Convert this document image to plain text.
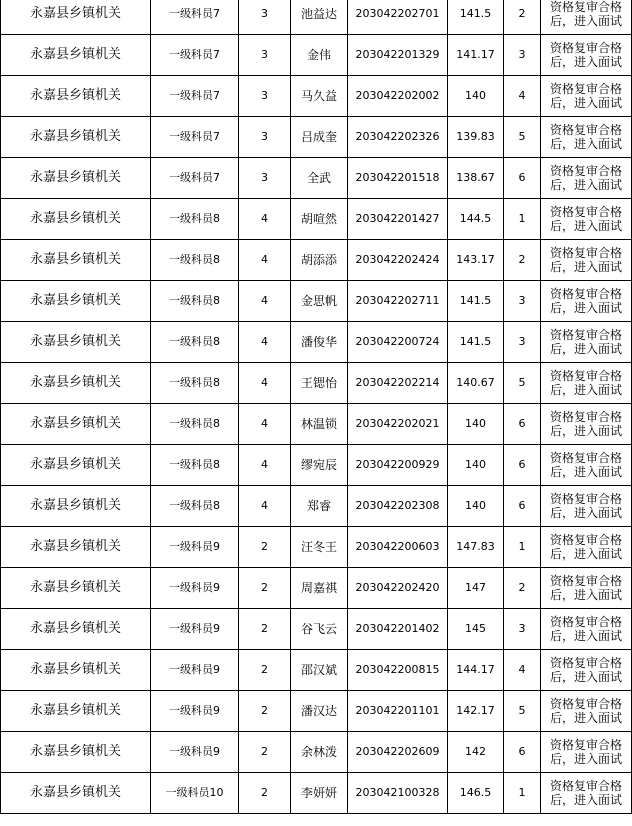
永嘉县乡镇机关	一级科员7	3	池益达	203042202701	141.5	2	资格复审合格后，进入面试
永嘉县乡镇机关	一级科员7	3	金伟	203042201329	141.17	3	资格复审合格后，进入面试
永嘉县乡镇机关	一级科员7	3	马久益	203042202002	140	4	资格复审合格后，进入面试
永嘉县乡镇机关	一级科员7	3	吕成奎	203042202326	139.83	5	资格复审合格后，进入面试
永嘉县乡镇机关	一级科员7	3	全武	203042201518	138.67	6	资格复审合格后，进入面试
永嘉县乡镇机关	一级科员8	4	胡喧然	203042201427	144.5	1	资格复审合格后，进入面试
永嘉县乡镇机关	一级科员8	4	胡添添	203042202424	143.17	2	资格复审合格后，进入面试
永嘉县乡镇机关	一级科员8	4	金思帆	203042202711	141.5	3	资格复审合格后，进入面试
永嘉县乡镇机关	一级科员8	4	潘俊华	203042200724	141.5	3	资格复审合格后，进入面试
永嘉县乡镇机关	一级科员8	4	王锶怡	203042202214	140.67	5	资格复审合格后，进入面试
永嘉县乡镇机关	一级科员8	4	林温锁	203042202021	140	6	资格复审合格后，进入面试
永嘉县乡镇机关	一级科员8	4	缪宛辰	203042200929	140	6	资格复审合格后，进入面试
永嘉县乡镇机关	一级科员8	4	郑睿	203042202308	140	6	资格复审合格后，进入面试
永嘉县乡镇机关	一级科员9	2	汪冬王	203042200603	147.83	1	资格复审合格后，进入面试
永嘉县乡镇机关	一级科员9	2	周嘉祺	203042202420	147	2	资格复审合格后，进入面试
永嘉县乡镇机关	一级科员9	2	谷飞云	203042201402	145	3	资格复审合格后，进入面试
永嘉县乡镇机关	一级科员9	2	邵汉斌	203042200815	144.17	4	资格复审合格后，进入面试
永嘉县乡镇机关	一级科员9	2	潘汉达	203042201101	142.17	5	资格复审合格后，进入面试
永嘉县乡镇机关	一级科员9	2	余林泼	203042202609	142	6	资格复审合格后，进入面试
永嘉县乡镇机关	一级科员10	2	李妍妍	203042100328	146.5	1	资格复审合格后，进入面试
